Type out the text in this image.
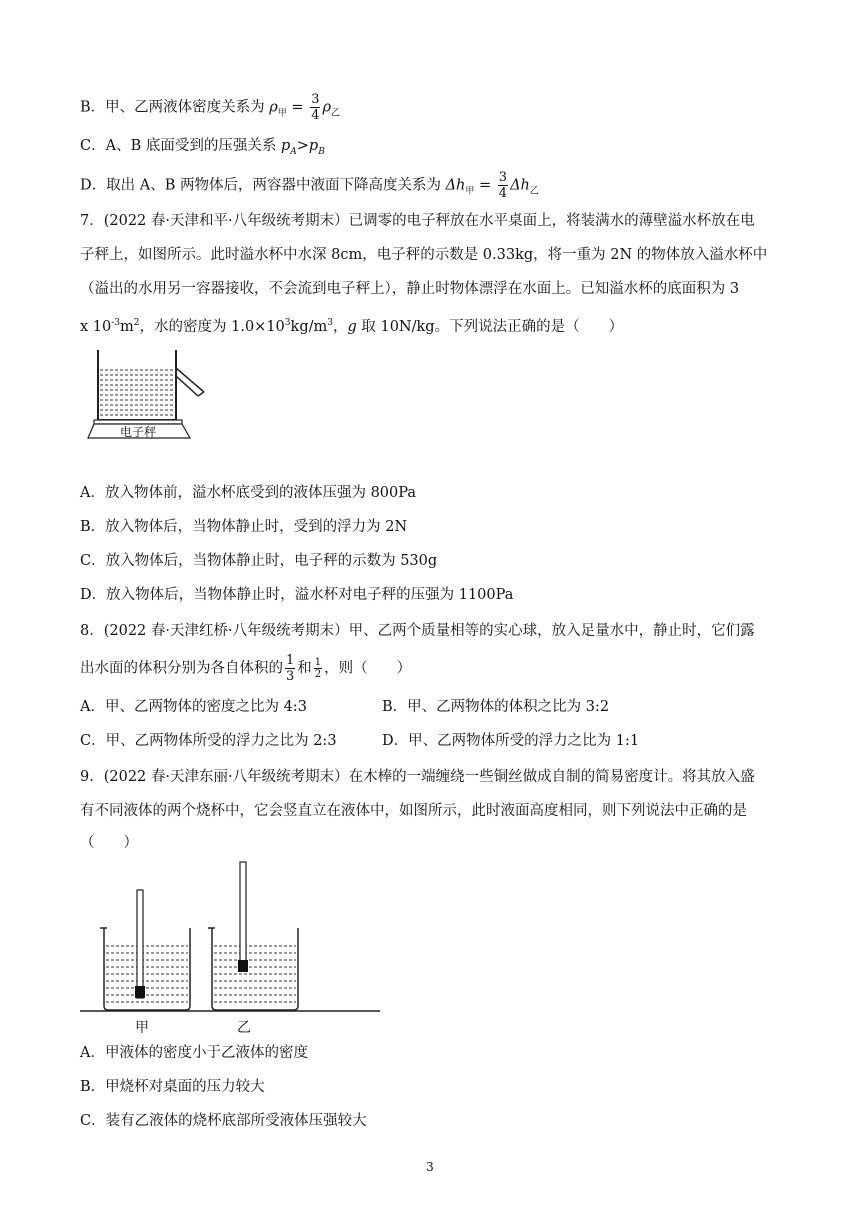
B．甲、乙两液体密度关系为 $\rho_甲 = \frac{3}{4} \rho_乙$
C．A、B 底面受到的压强关系 $p_A>p_B$
D．取出 A、B 两物体后，两容器中液面下降高度关系为 $\Delta h_甲 = \frac{3}{4} \Delta h_乙$
7．(2022 春·天津和平·八年级统考期末）已调零的电子秤放在水平桌面上，将装满水的薄壁溢水杯放在电
子秤上，如图所示。此时溢水杯中水深 8cm，电子秤的示数是 0.33kg，将一重为 2N 的物体放入溢水杯中
（溢出的水用另一容器接收，不会流到电子秤上），静止时物体漂浮在水面上。已知溢水杯的底面积为 3
x $10^{-3}m^2$，水的密度为 $1.0\times 10^3kg/m^3$，g 取 10N/kg。下列说法正确的是（　　）
电子秤
A．放入物体前，溢水杯底受到的液体压强为 800Pa
B．放入物体后，当物体静止时，受到的浮力为 2N
C．放入物体后，当物体静止时，电子秤的示数为 530g
D．放入物体后，当物体静止时，溢水杯对电子秤的压强为 1100Pa
8．(2022 春·天津红桥·八年级统考期末）甲、乙两个质量相等的实心球，放入足量水中，静止时，它们露
出水面的体积分别为各自体积的 $\frac{1}{3}$ 和 $\frac{1}{2}$ ，则（　　）
A．甲、乙两物体的密度之比为 4:3	B．甲、乙两物体的体积之比为 3:2
C．甲、乙两物体所受的浮力之比为 2:3	D．甲、乙两物体所受的浮力之比为 1:1
9．(2022 春·天津东丽·八年级统考期末）在木棒的一端缠绕一些铜丝做成自制的简易密度计。将其放入盛
有不同液体的两个烧杯中，它会竖直立在液体中，如图所示，此时液面高度相同，则下列说法中正确的是
（　　）
甲	乙
A．甲液体的密度小于乙液体的密度
B．甲烧杯对桌面的压力较大
C．装有乙液体的烧杯底部所受液体压强较大
3
